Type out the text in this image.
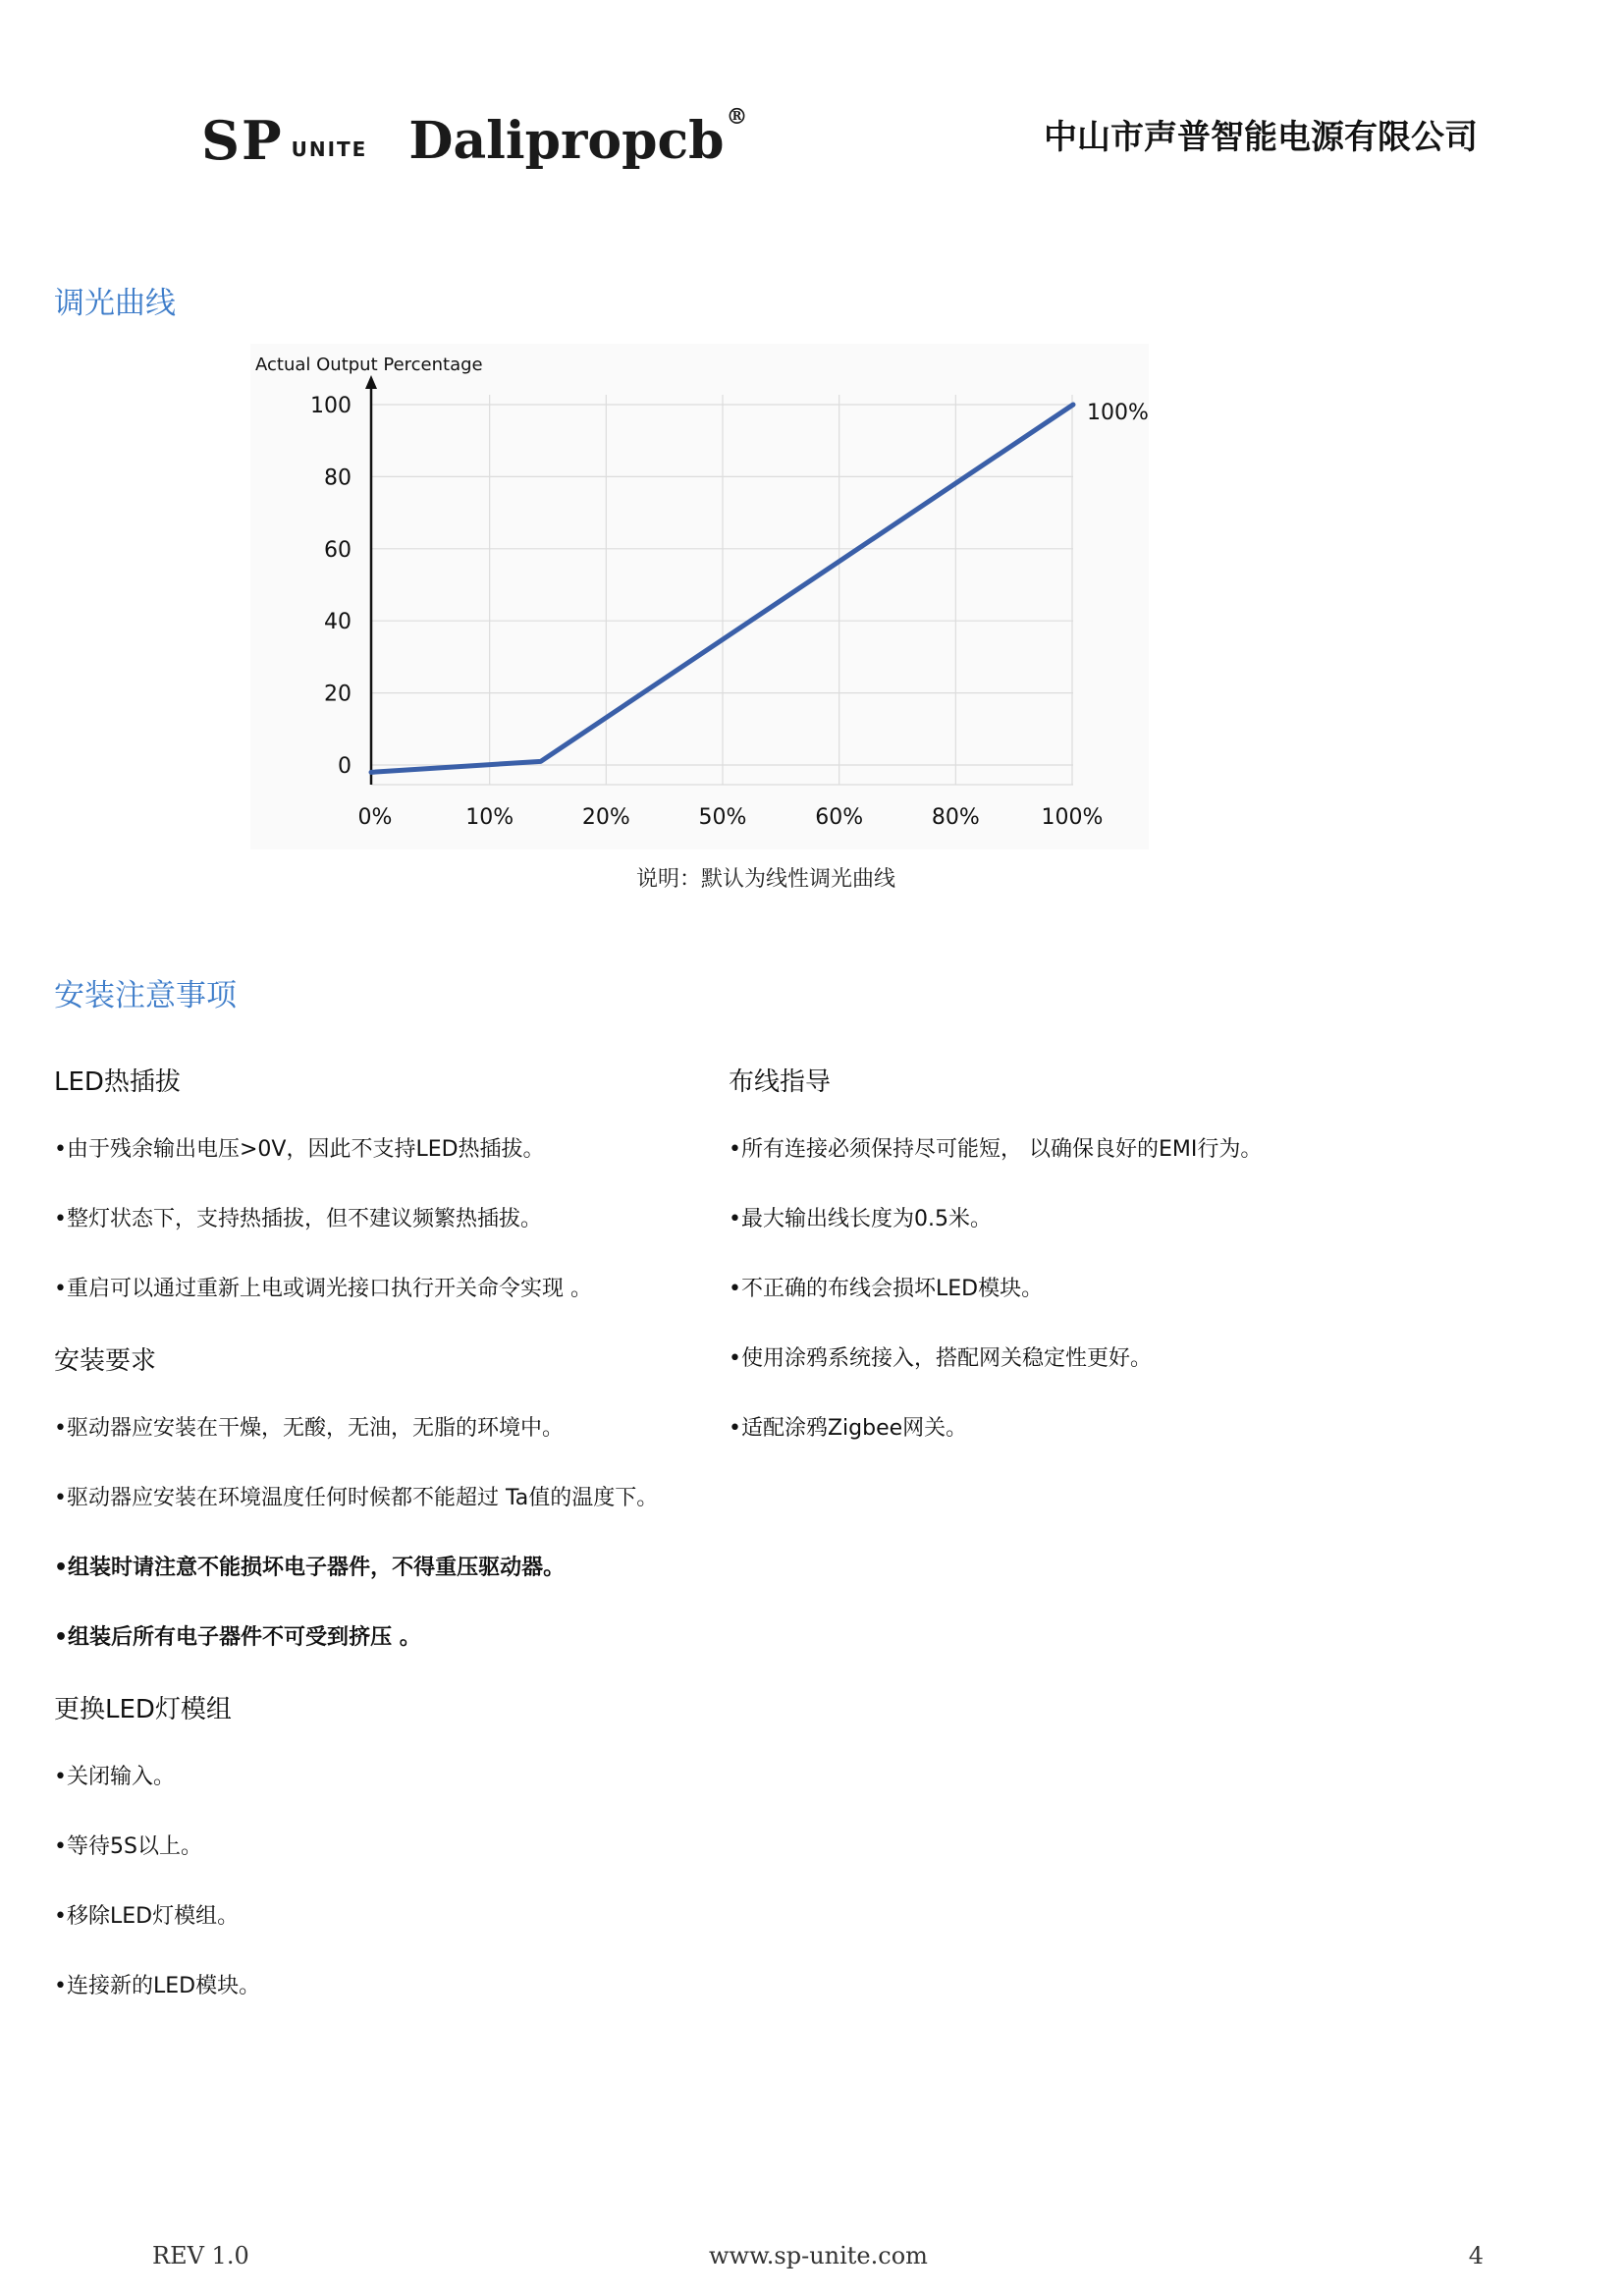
SP UNITE Dalipropcb®
中山市声普智能电源有限公司
调光曲线
Actual Output Percentage
0
20
40
60
80
100
0%	10%	20%	50%	60%	80%	100%
100%
说明：默认为线性调光曲线
安装注意事项
LED热插拔
•由于残余输出电压>0V，因此不支持LED热插拔。
•整灯状态下，支持热插拔，但不建议频繁热插拔。
•重启可以通过重新上电或调光接口执行开关命令实现 。
安装要求
•驱动器应安装在干燥，无酸，无油，无脂的环境中。
•驱动器应安装在环境温度任何时候都不能超过 Ta值的温度下。
•组装时请注意不能损坏电子器件，不得重压驱动器。
•组装后所有电子器件不可受到挤压 。
更换LED灯模组
•关闭输入。
•等待5S以上。
•移除LED灯模组。
•连接新的LED模块。
布线指导
•所有连接必须保持尽可能短， 以确保良好的EMI行为。
•最大输出线长度为0.5米。
•不正确的布线会损坏LED模块。
•使用涂鸦系统接入，搭配网关稳定性更好。
•适配涂鸦Zigbee网关。
REV 1.0	www.sp-unite.com	4
